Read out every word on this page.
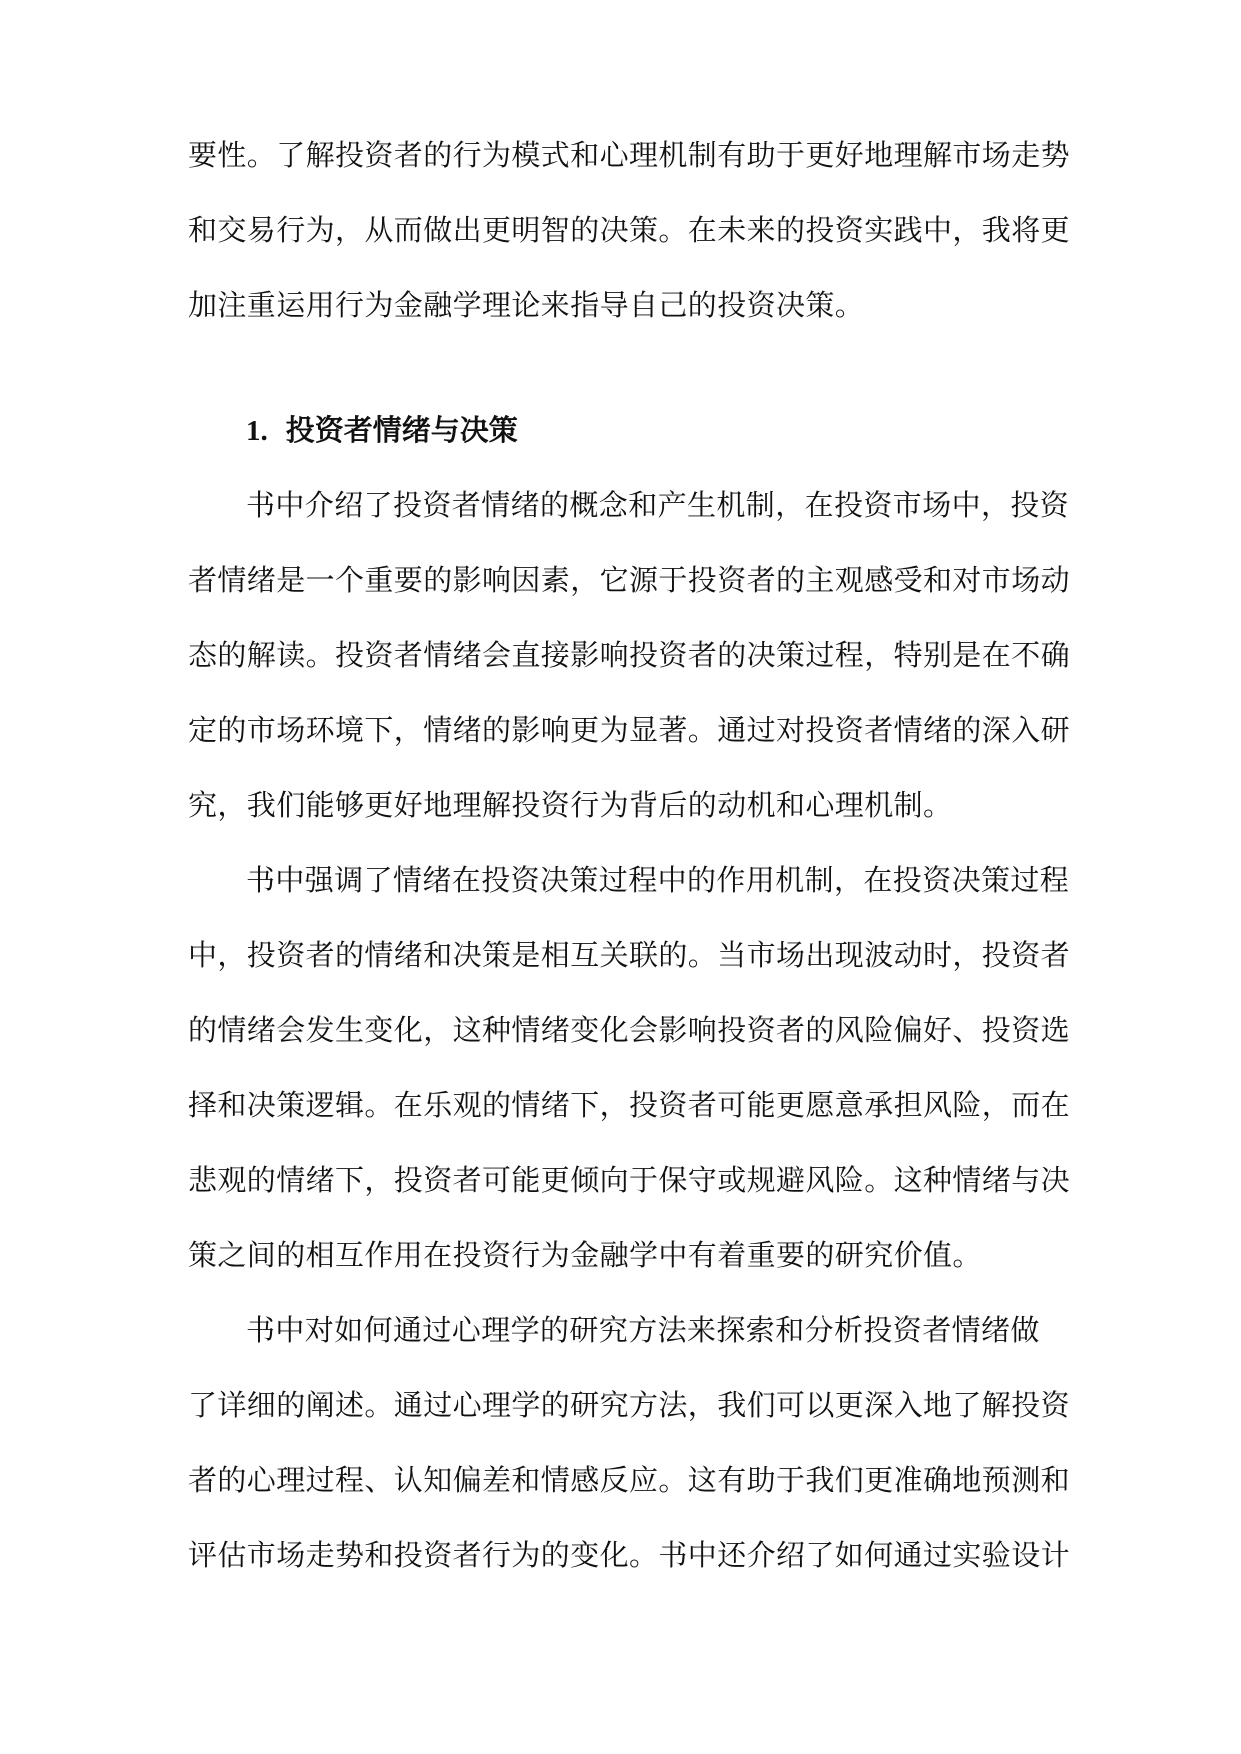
要性。了解投资者的行为模式和心理机制有助于更好地理解市场走势
和交易行为，从而做出更明智的决策。在未来的投资实践中，我将更
加注重运用行为金融学理论来指导自己的投资决策。
1. 投资者情绪与决策
书中介绍了投资者情绪的概念和产生机制，在投资市场中，投资
者情绪是一个重要的影响因素，它源于投资者的主观感受和对市场动
态的解读。投资者情绪会直接影响投资者的决策过程，特别是在不确
定的市场环境下，情绪的影响更为显著。通过对投资者情绪的深入研
究，我们能够更好地理解投资行为背后的动机和心理机制。
书中强调了情绪在投资决策过程中的作用机制，在投资决策过程
中，投资者的情绪和决策是相互关联的。当市场出现波动时，投资者
的情绪会发生变化，这种情绪变化会影响投资者的风险偏好、投资选
择和决策逻辑。在乐观的情绪下，投资者可能更愿意承担风险，而在
悲观的情绪下，投资者可能更倾向于保守或规避风险。这种情绪与决
策之间的相互作用在投资行为金融学中有着重要的研究价值。
书中对如何通过心理学的研究方法来探索和分析投资者情绪做
了详细的阐述。通过心理学的研究方法，我们可以更深入地了解投资
者的心理过程、认知偏差和情感反应。这有助于我们更准确地预测和
评估市场走势和投资者行为的变化。书中还介绍了如何通过实验设计
